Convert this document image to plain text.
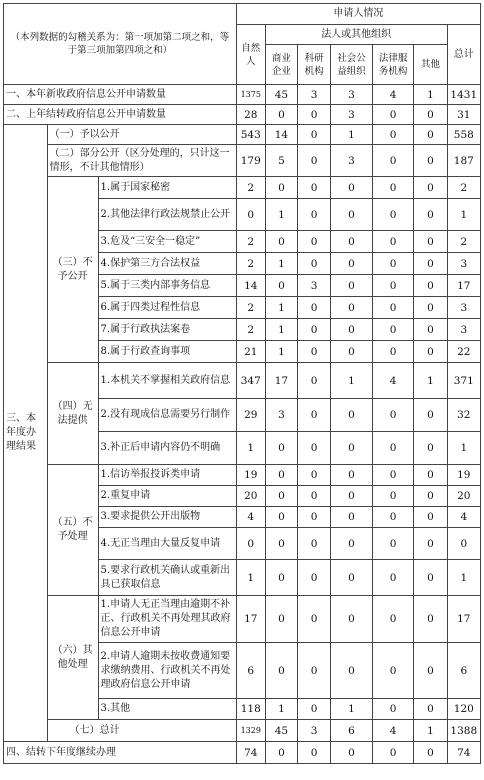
（本列数据的勾稽关系为：第一项加第二项之和，等于第三项加第四项之和）			申请人情况						
			自然人	法人或其他组织					总计
				商业企业	科研机构	社会公益组织	法律服务机构	其他	
一、本年新收政府信息公开申请数量			1375	45	3	3	4	1	1431
二、上年结转政府信息公开申请数量			28	0	0	3	0	0	31
三、本年度办理结果	（一）予以公开		543	14	0	1	0	0	558
	（二）部分公开（区分处理的，只计这一情形，不计其他情形）		179	5	0	3	0	0	187
	（三）不予公开	1.属于国家秘密	2	0	0	0	0	0	2
		2.其他法律行政法规禁止公开	0	1	0	0	0	0	1
		3.危及“三安全一稳定”	2	0	0	0	0	0	2
		4.保护第三方合法权益	2	1	0	0	0	0	3
		5.属于三类内部事务信息	14	0	3	0	0	0	17
		6.属于四类过程性信息	2	1	0	0	0	0	3
		7.属于行政执法案卷	2	1	0	0	0	0	3
		8.属于行政查询事项	21	1	0	0	0	0	22
	（四）无法提供	1.本机关不掌握相关政府信息	347	17	0	1	4	1	371
		2.没有现成信息需要另行制作	29	3	0	0	0	0	32
		3.补正后申请内容仍不明确	1	0	0	0	0	0	1
	（五）不予处理	1.信访举报投诉类申请	19	0	0	0	0	0	19
		2.重复申请	20	0	0	0	0	0	20
		3.要求提供公开出版物	4	0	0	0	0	0	4
		4.无正当理由大量反复申请	0	0	0	0	0	0	0
		5.要求行政机关确认或重新出具已获取信息	1	0	0	0	0	0	1
	（六）其他处理	1.申请人无正当理由逾期不补正、行政机关不再处理其政府信息公开申请	17	0	0	0	0	0	17
		2.申请人逾期未按收费通知要求缴纳费用、行政机关不再处理政府信息公开申请	6	0	0	0	0	0	6
		3.其他	118	1	0	1	0	0	120
	（七）总计		1329	45	3	6	4	1	1388
四、结转下年度继续办理			74	0	0	0	0	0	74
